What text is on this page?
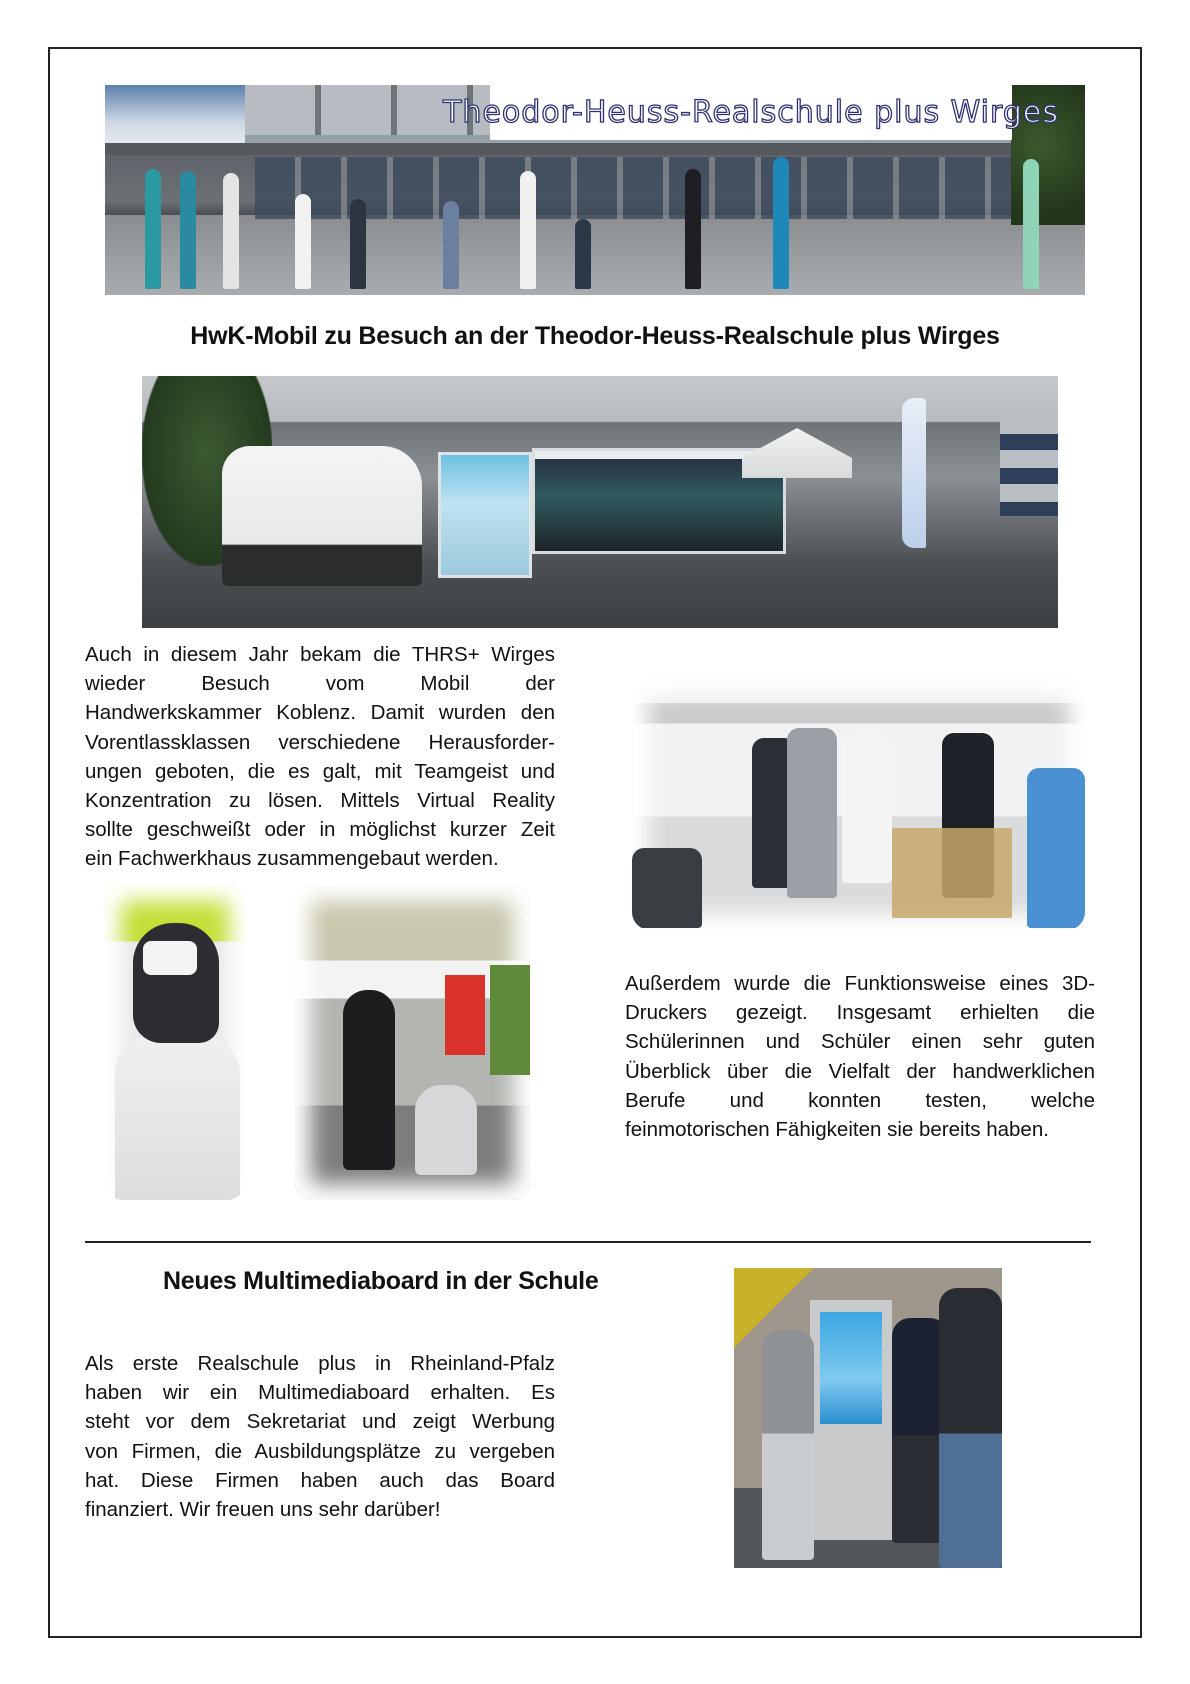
Theodor-Heuss-Realschule plus Wirges
HwK-Mobil zu Besuch an der Theodor-Heuss-Realschule plus Wirges
Auch in diesem Jahr bekam die THRS+ Wirges
wieder Besuch vom Mobil der
Handwerkskammer Koblenz. Damit wurden den
Vorentlassklassen verschiedene Herausforder-
ungen geboten, die es galt, mit Teamgeist und
Konzentration zu lösen. Mittels Virtual Reality
sollte geschweißt oder in möglichst kurzer Zeit
ein Fachwerkhaus zusammengebaut werden.
Außerdem wurde die Funktionsweise eines 3D-
Druckers gezeigt. Insgesamt erhielten die
Schülerinnen und Schüler einen sehr guten
Überblick über die Vielfalt der handwerklichen
Berufe und konnten testen, welche
feinmotorischen Fähigkeiten sie bereits haben.
Neues Multimediaboard in der Schule
Als erste Realschule plus in Rheinland-Pfalz
haben wir ein Multimediaboard erhalten. Es
steht vor dem Sekretariat und zeigt Werbung
von Firmen, die Ausbildungsplätze zu vergeben
hat. Diese Firmen haben auch das Board
finanziert. Wir freuen uns sehr darüber!
